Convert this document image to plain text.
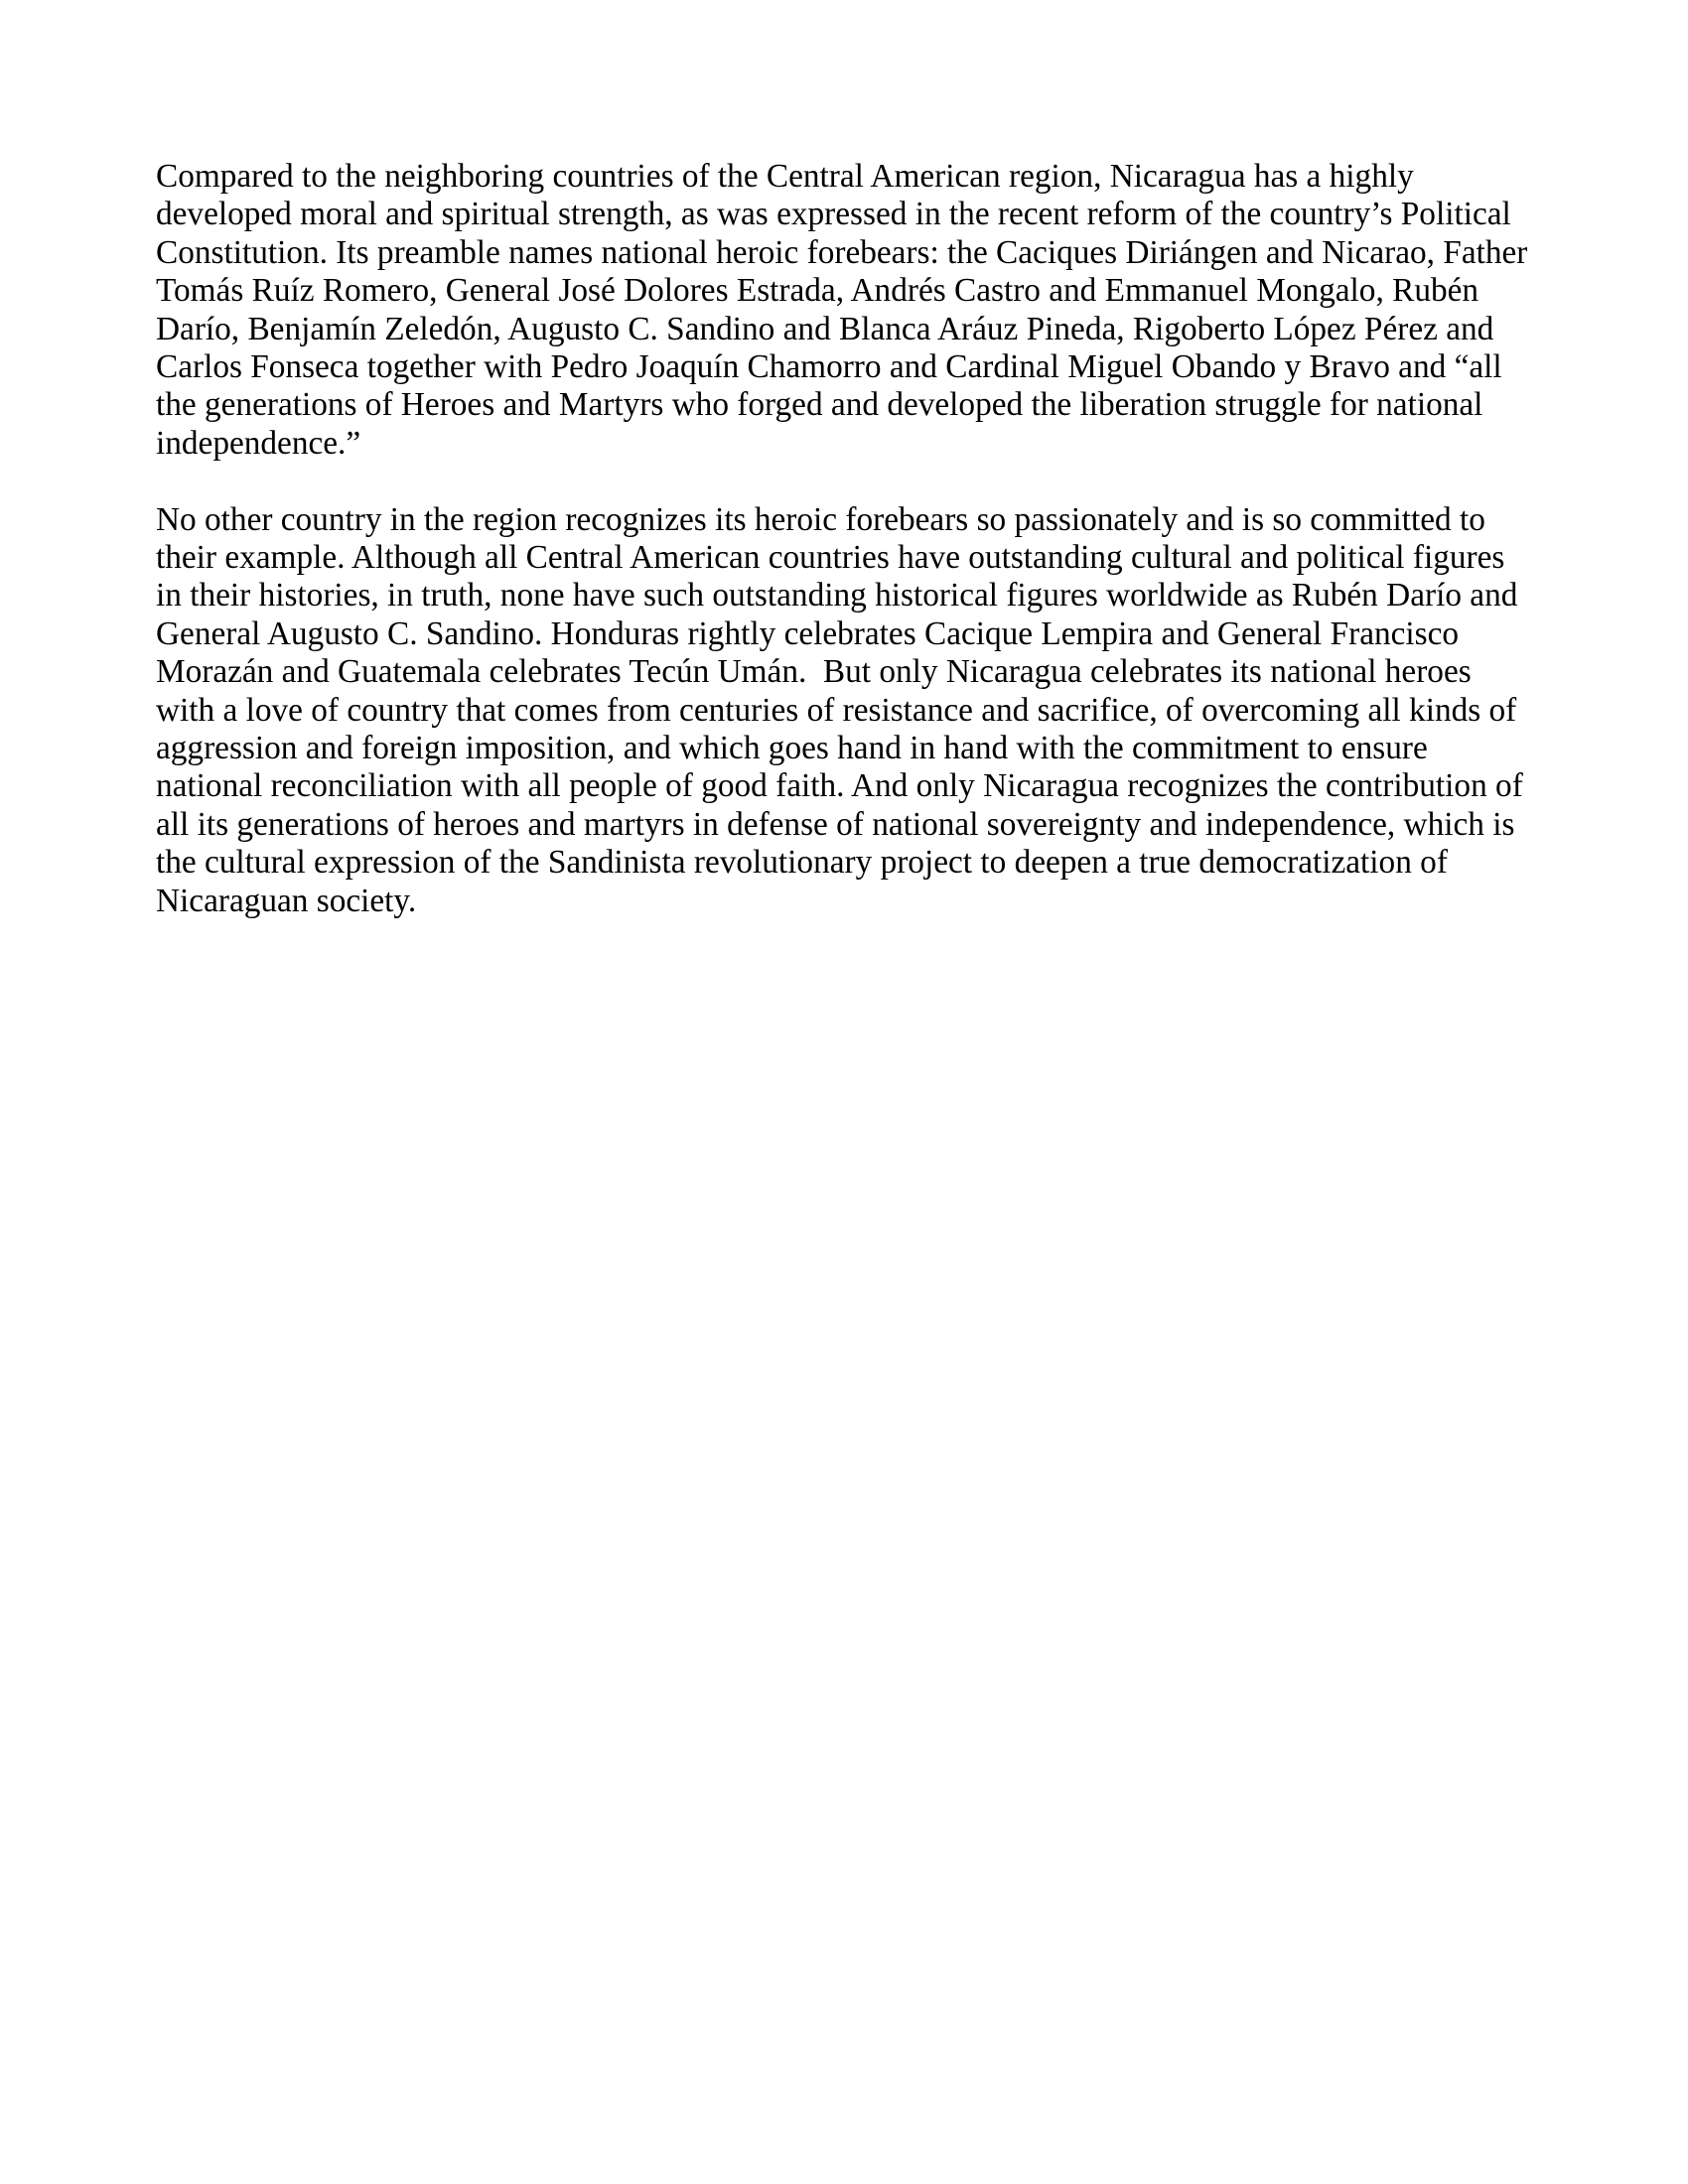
Compared to the neighboring countries of the Central American region, Nicaragua has a highly developed moral and spiritual strength, as was expressed in the recent reform of the country’s Political Constitution. Its preamble names national heroic forebears: the Caciques Diriángen and Nicarao, Father Tomás Ruíz Romero, General José Dolores Estrada, Andrés Castro and Emmanuel Mongalo, Rubén Darío, Benjamín Zeledón, Augusto C. Sandino and Blanca Aráuz Pineda, Rigoberto López Pérez and Carlos Fonseca together with Pedro Joaquín Chamorro and Cardinal Miguel Obando y Bravo and “all the generations of Heroes and Martyrs who forged and developed the liberation struggle for national independence.”

No other country in the region recognizes its heroic forebears so passionately and is so committed to their example. Although all Central American countries have outstanding cultural and political figures in their histories, in truth, none have such outstanding historical figures worldwide as Rubén Darío and General Augusto C. Sandino. Honduras rightly celebrates Cacique Lempira and General Francisco Morazán and Guatemala celebrates Tecún Umán.  But only Nicaragua celebrates its national heroes with a love of country that comes from centuries of resistance and sacrifice, of overcoming all kinds of aggression and foreign imposition, and which goes hand in hand with the commitment to ensure national reconciliation with all people of good faith. And only Nicaragua recognizes the contribution of all its generations of heroes and martyrs in defense of national sovereignty and independence, which is the cultural expression of the Sandinista revolutionary project to deepen a true democratization of Nicaraguan society.
